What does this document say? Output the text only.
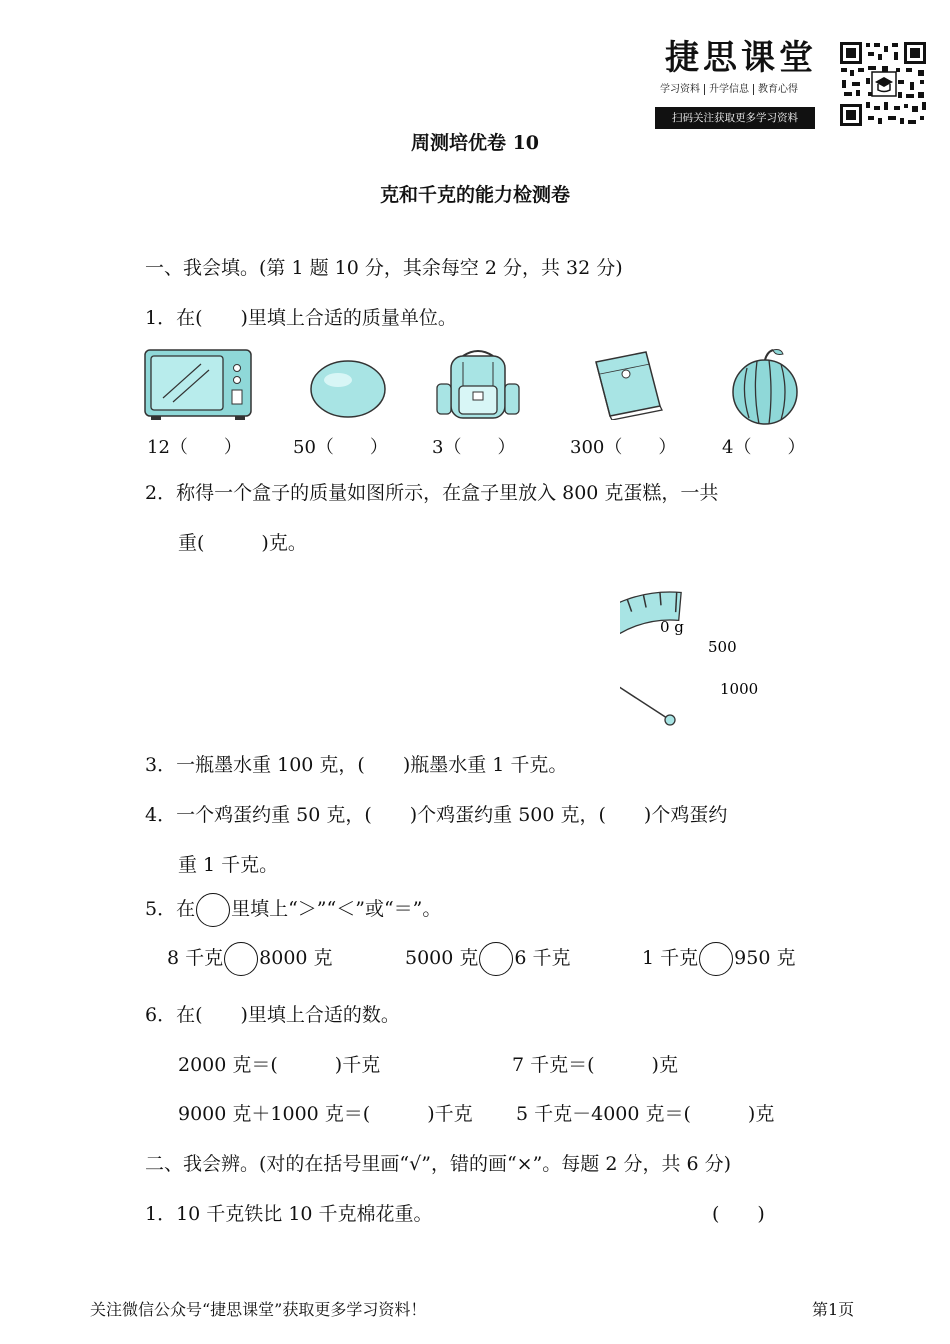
捷思课堂
学习资料 升学信息 教育心得
扫码关注获取更多学习资料
周测培优卷 10
克和千克的能力检测卷
一、我会填。(第 1 题 10 分，其余每空 2 分，共 32 分)
1．在(　　)里填上合适的质量单位。
12（　　）	50（　　） 3（　　）	300（　　）	4（　　）
2．称得一个盒子的质量如图所示，在盒子里放入 800 克蛋糕，一共
重(　　　)克。
0 g
500
1000
3．一瓶墨水重 100 克，(　　)瓶墨水重 1 千克。
4．一个鸡蛋约重 50 克，(　　)个鸡蛋约重 500 克，(　　)个鸡蛋约
重 1 千克。
5．在 里填上“＞”“＜”或“＝”。
8 千克 8000 克	5000 克 6 千克	1 千克 950 克
6．在(　　)里填上合适的数。
2000 克＝(　　　)千克	7 千克＝(　　　)克
9000 克＋1000 克＝(　　　)千克 5 千克－4000 克＝(　　　)克
二、我会辨。(对的在括号里画“√”，错的画“×”。每题 2 分，共 6 分)
1．10 千克铁比 10 千克棉花重。	(　　)
关注微信公众号“捷思课堂”获取更多学习资料！	第1页
